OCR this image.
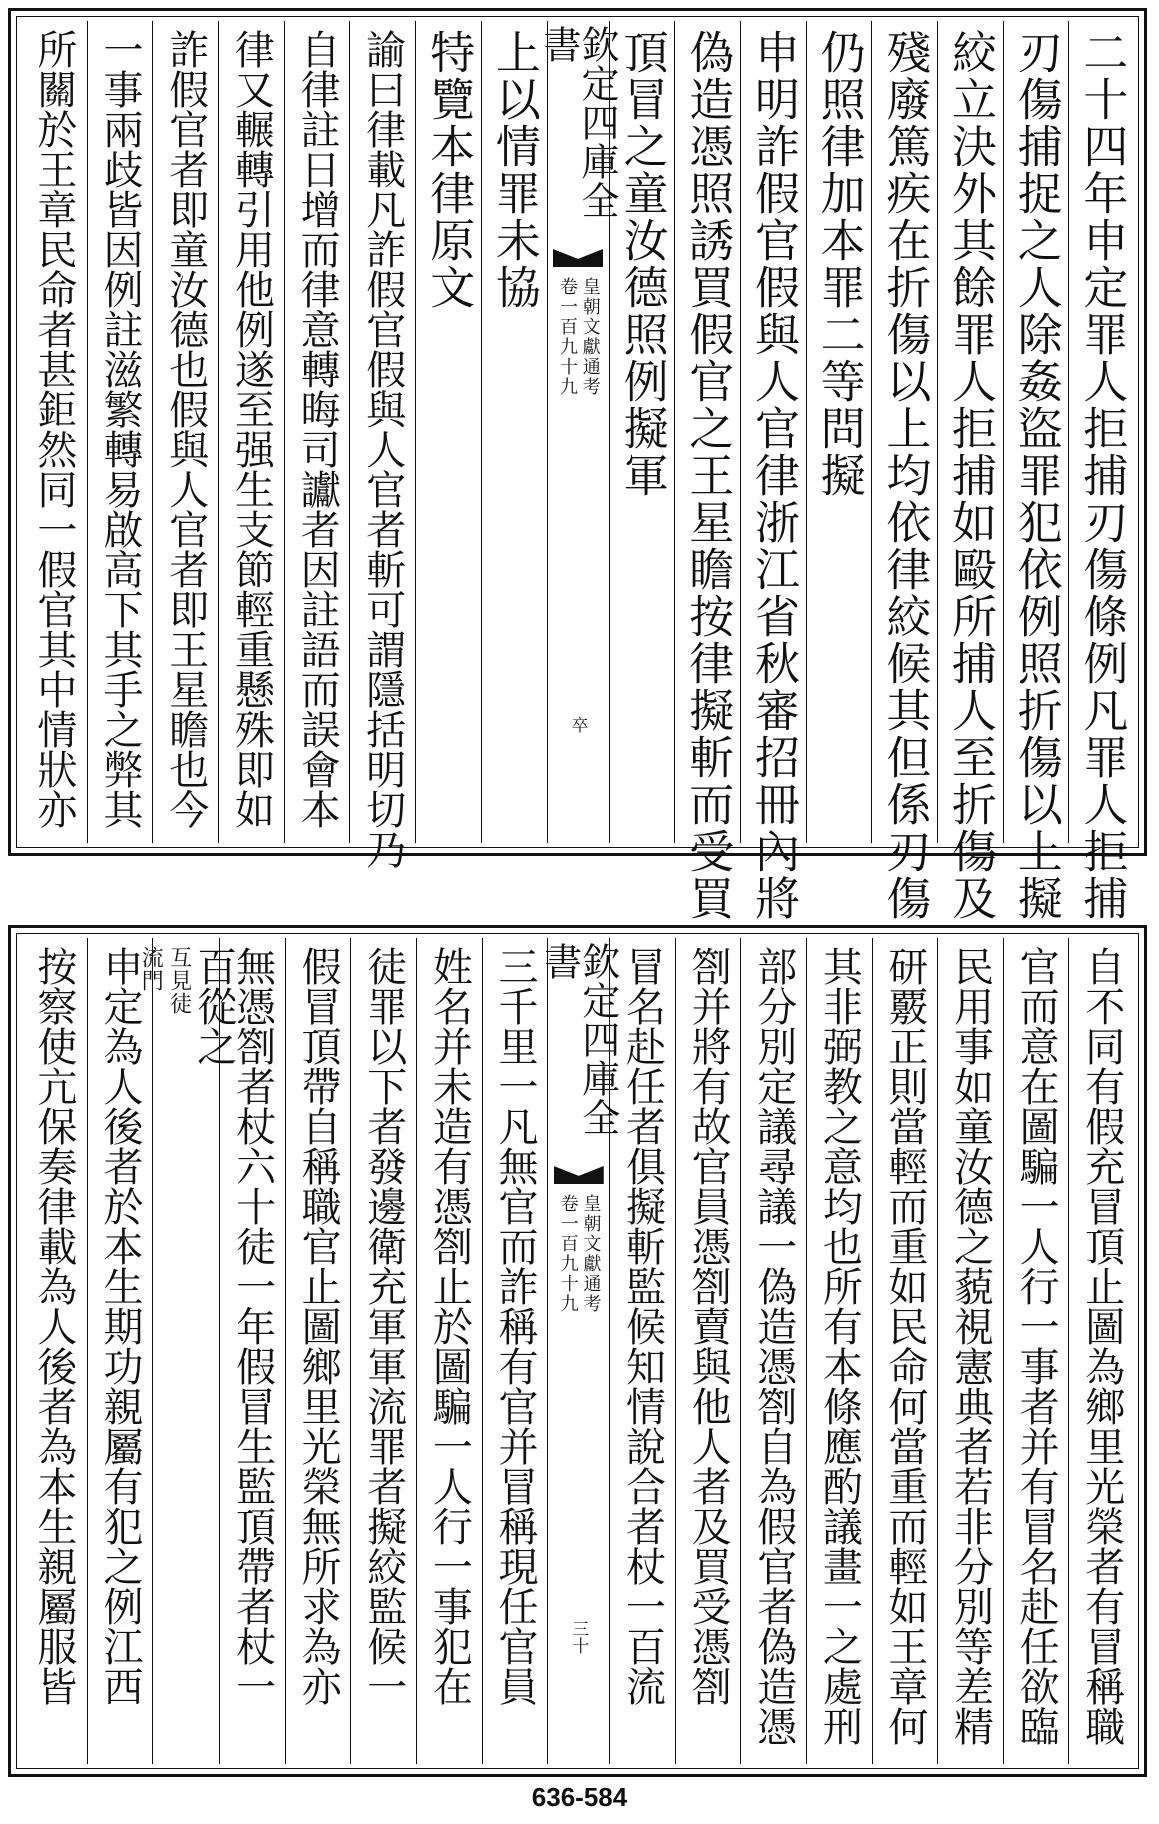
二十四年申定罪人拒捕刃傷條例凡罪人拒捕
刃傷捕捉之人除姦盜罪犯依例照折傷以上擬
絞立決外其餘罪人拒捕如毆所捕人至折傷及
殘廢篤疾在折傷以上均依律絞候其但係刃傷
仍照律加本罪二等問擬
申明詐假官假與人官律浙江省秋審招冊內將
偽造憑照誘買假官之王星瞻按律擬斬而受買
頂冒之童汝德照例擬軍
欽定四庫全書
皇朝文獻通考
卷一百九十九
卒
上以情罪未協
特覽本律原文
諭曰律載凡詐假官假與人官者斬可謂隱括明切乃
自律註日增而律意轉晦司讞者因註語而誤會本
律又輾轉引用他例遂至强生支節輕重懸殊即如
詐假官者即童汝德也假與人官者即王星瞻也今
一事兩歧皆因例註滋繁轉易啟高下其手之弊其
所關於王章民命者甚鉅然同一假官其中情狀亦
自不同有假充冒頂止圖為鄉里光榮者有冒稱職
官而意在圖騙一人行一事者并有冒名赴任欲臨
民用事如童汝德之藐視憲典者若非分別等差精
研覈正則當輕而重如民命何當重而輕如王章何
其非弼教之意均也所有本條應酌議畫一之處刑
部分別定議尋議一偽造憑劄自為假官者偽造憑
劄并將有故官員憑劄賣與他人者及買受憑劄
冒名赴任者俱擬斬監候知情說合者杖一百流
欽定四庫全書
皇朝文獻通考
卷一百九十九
三十
三千里一凡無官而詐稱有官并冒稱現任官員
姓名并未造有憑劄止於圖騙一人行一事犯在
徒罪以下者發邊衛充軍軍流罪者擬絞監候一
假冒頂帶自稱職官止圖鄉里光榮無所求為亦
無憑劄者杖六十徒一年假冒生監頂帶者杖一
百從之
互見徒
流門
申定為人後者於本生期功親屬有犯之例江西
按察使亢保奏律載為人後者為本生親屬服皆
636-584
